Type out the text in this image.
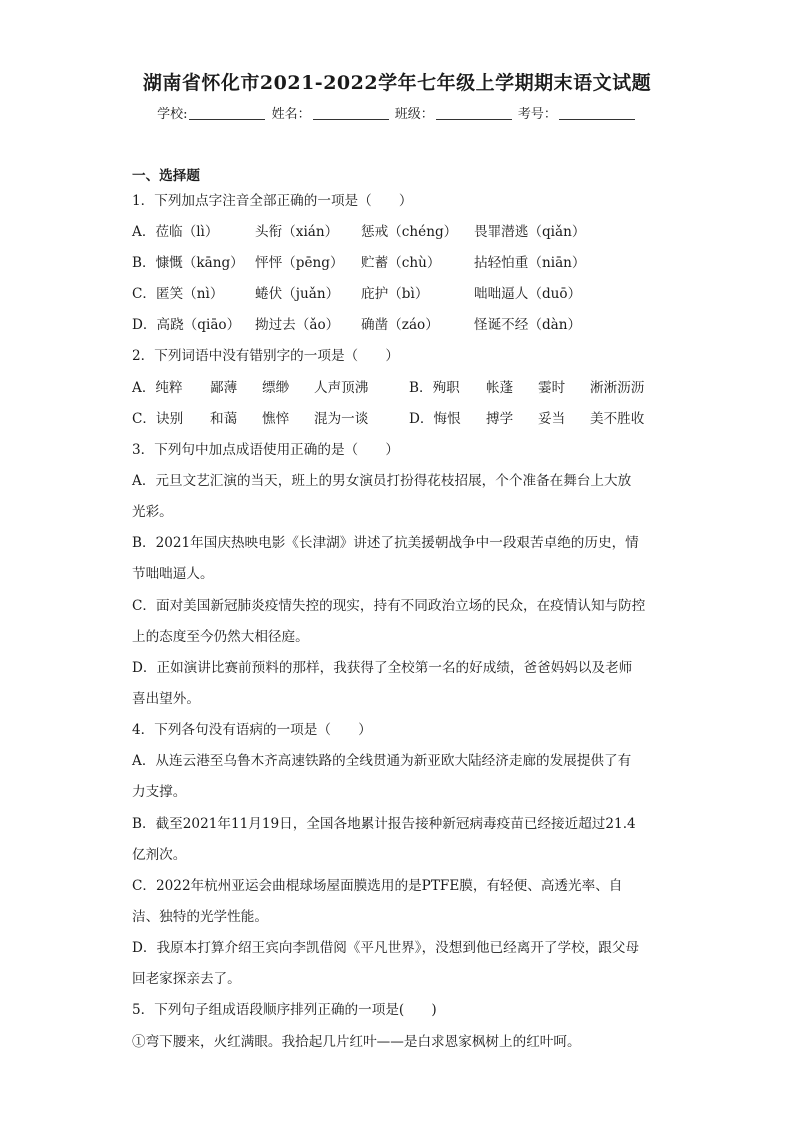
湖南省怀化市2021-2022学年七年级上学期期末语文试题
学校:	姓名：	班级：	考号：
一、选择题
1．下列加点字注音全部正确的一项是（　　）
A．莅临（lì）	头衔（xián） 惩戒（chéng） 畏罪潜逃（qiǎn）
B．慷慨（kāng） 怦怦（pēng） 贮蓄（chù） 拈轻怕重（niān）
C．匿笑（nì） 蜷伏（juǎn） 庇护（bì）	咄咄逼人（duō）
D．高跷（qiāo） 拗过去（ǎo） 确凿（záo）	怪诞不经（dàn）
2．下列词语中没有错别字的一项是（　　）
A．纯粹 鄙薄 缥缈 人声顶沸	B．殉职 帐蓬 霎时 淅淅沥沥
C．诀别 和蔼 憔悴 混为一谈	D．悔恨 搏学 妥当 美不胜收
3．下列句中加点成语使用正确的是（　　）
A．元旦文艺汇演的当天，班上的男女演员打扮得花枝招展，个个准备在舞台上大放
光彩。
B．2021年国庆热映电影《长津湖》讲述了抗美援朝战争中一段艰苦卓绝的历史，情
节咄咄逼人。
C．面对美国新冠肺炎疫情失控的现实，持有不同政治立场的民众，在疫情认知与防控
上的态度至今仍然大相径庭。
D．正如演讲比赛前预料的那样，我获得了全校第一名的好成绩，爸爸妈妈以及老师
喜出望外。
4．下列各句没有语病的一项是（　　）
A．从连云港至乌鲁木齐高速铁路的全线贯通为新亚欧大陆经济走廊的发展提供了有
力支撑。
B．截至2021年11月19日，全国各地累计报告接种新冠病毒疫苗已经接近超过21.4
亿剂次。
C．2022年杭州亚运会曲棍球场屋面膜选用的是PTFE膜，有轻便、高透光率、自
洁、独特的光学性能。
D．我原本打算介绍王宾向李凯借阅《平凡世界》，没想到他已经离开了学校，跟父母
回老家探亲去了。
5．下列句子组成语段顺序排列正确的一项是(　　)
①弯下腰来，火红满眼。我拾起几片红叶——是白求恩家枫树上的红叶呵。
